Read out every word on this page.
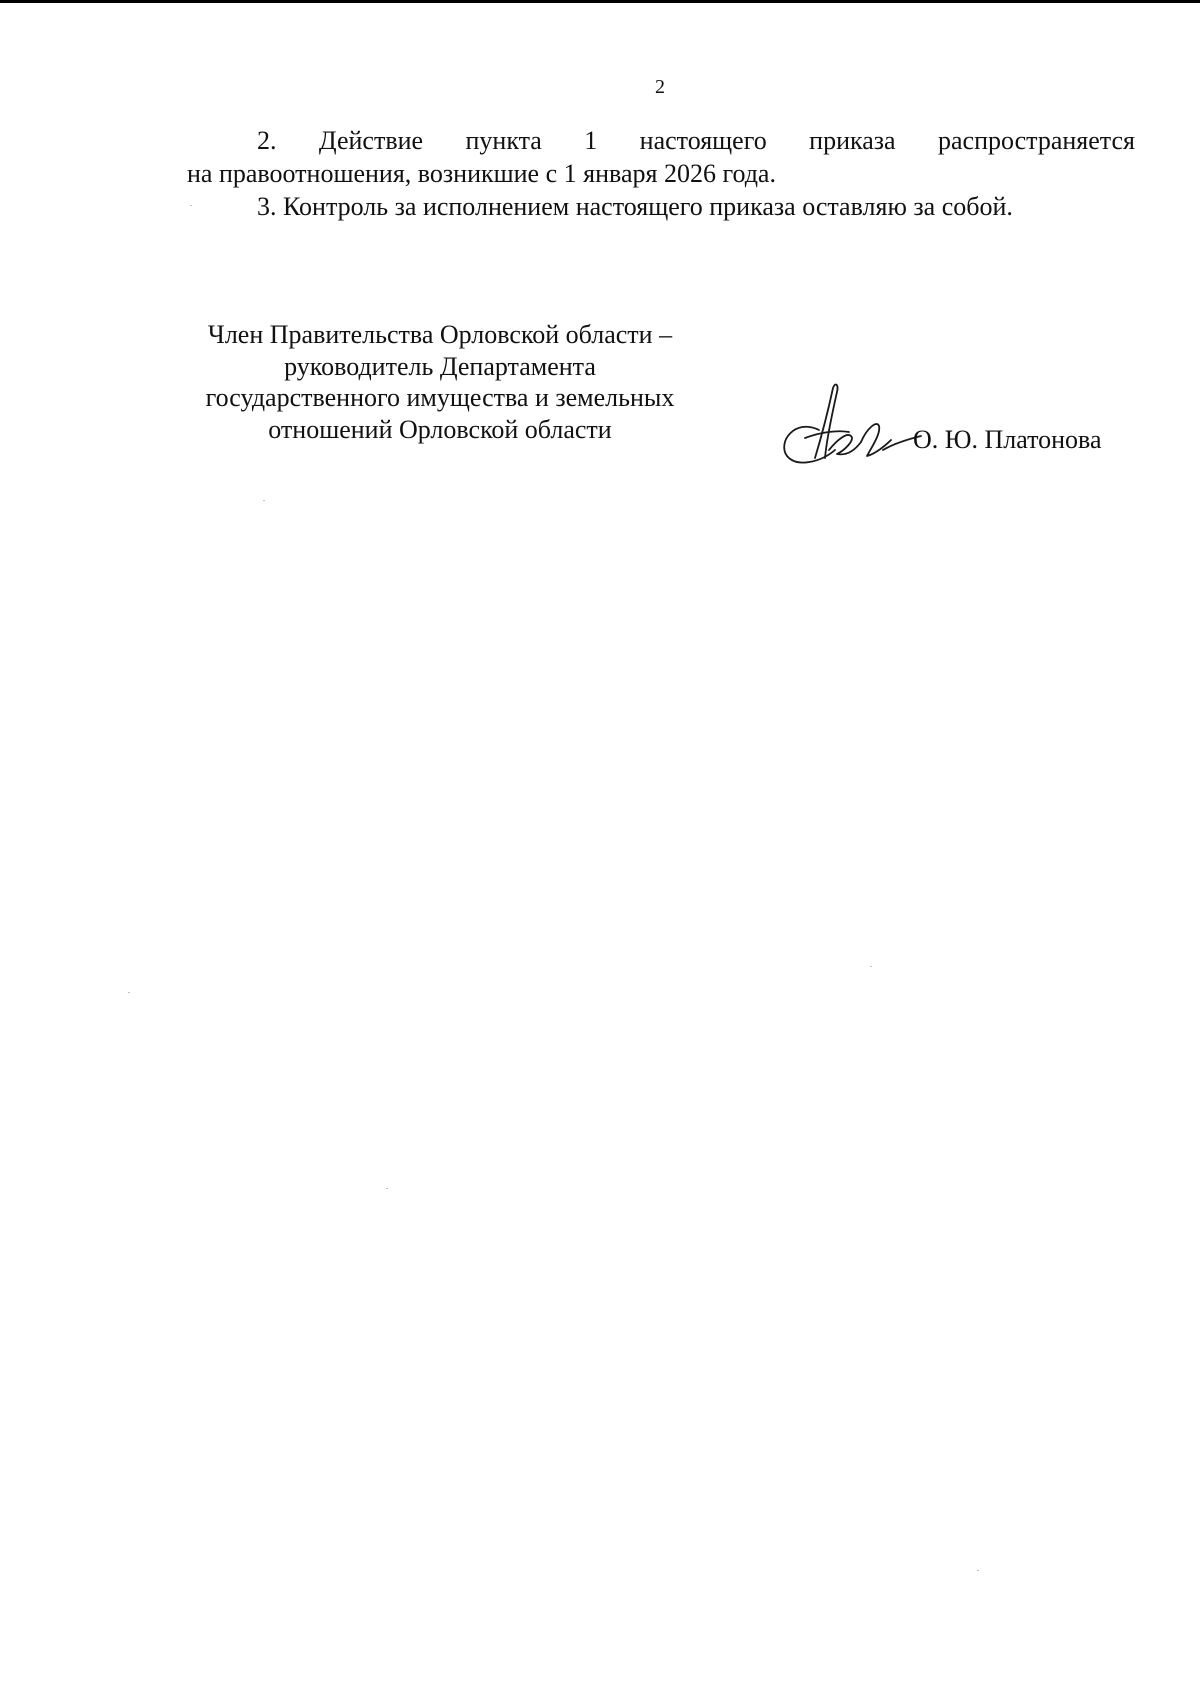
2

2. Действие пункта 1 настоящего приказа распространяется

на правоотношения, возникшие с 1 января 2026 года.

3. Контроль за исполнением настоящего приказа оставляю за собой.

Член Правительства Орловской области –
руководитель Департамента
государственного имущества и земельных
отношений Орловской области	О. Ю. Платонова
